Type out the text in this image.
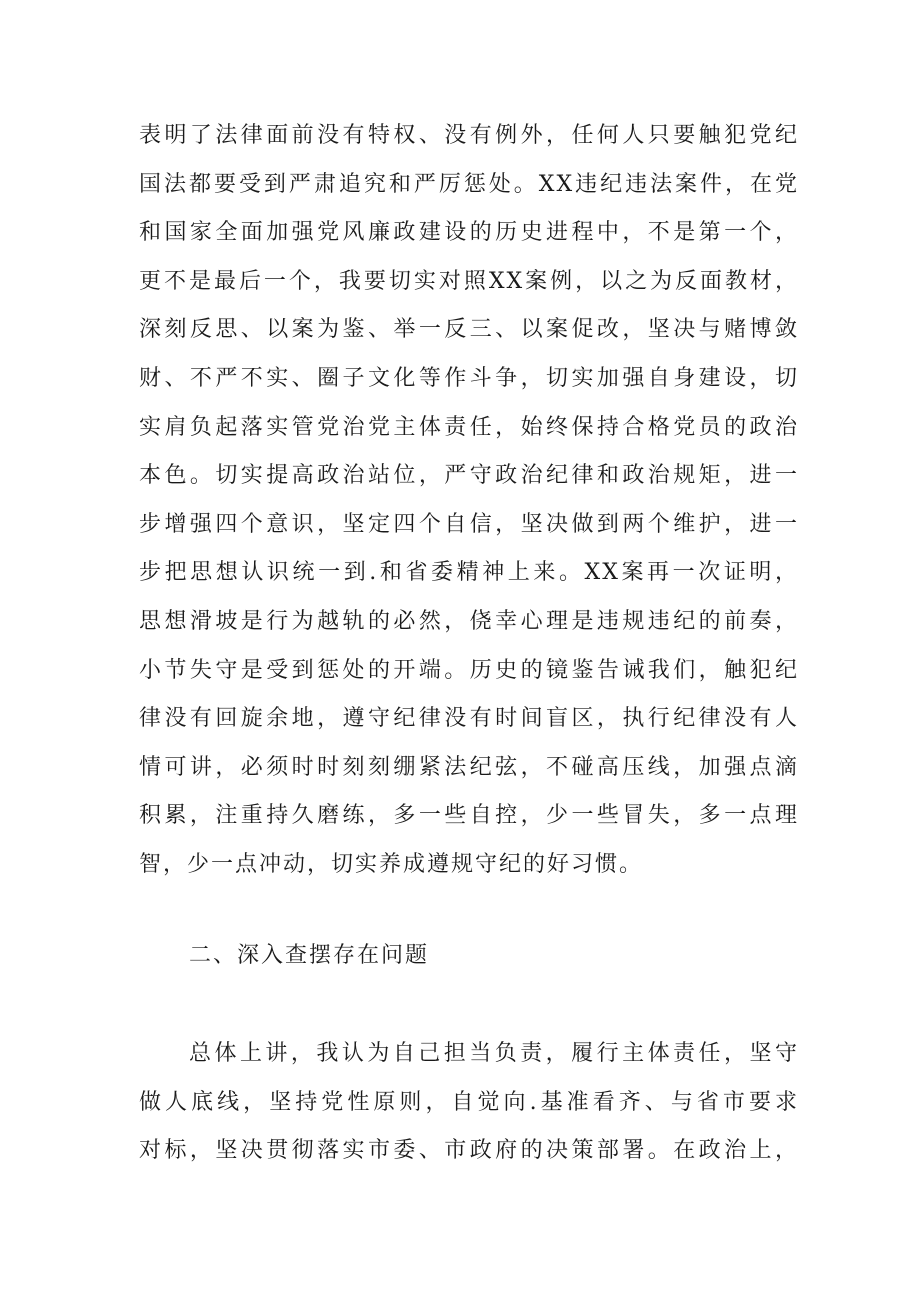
表明了法律面前没有特权、没有例外，任何人只要触犯党纪
国法都要受到严肃追究和严厉惩处。XX违纪违法案件，在党
和国家全面加强党风廉政建设的历史进程中，不是第一个，
更不是最后一个，我要切实对照XX案例，以之为反面教材，
深刻反思、以案为鉴、举一反三、以案促改，坚决与赌博敛
财、不严不实、圈子文化等作斗争，切实加强自身建设，切
实肩负起落实管党治党主体责任，始终保持合格党员的政治
本色。切实提高政治站位，严守政治纪律和政治规矩，进一
步增强四个意识，坚定四个自信，坚决做到两个维护，进一
步把思想认识统一到.和省委精神上来。XX案再一次证明，
思想滑坡是行为越轨的必然，侥幸心理是违规违纪的前奏，
小节失守是受到惩处的开端。历史的镜鉴告诫我们，触犯纪
律没有回旋余地，遵守纪律没有时间盲区，执行纪律没有人
情可讲，必须时时刻刻绷紧法纪弦，不碰高压线，加强点滴
积累，注重持久磨练，多一些自控，少一些冒失，多一点理
智，少一点冲动，切实养成遵规守纪的好习惯。
二、深入查摆存在问题
总体上讲，我认为自己担当负责，履行主体责任，坚守
做人底线，坚持党性原则，自觉向.基准看齐、与省市要求
对标，坚决贯彻落实市委、市政府的决策部署。在政治上，
